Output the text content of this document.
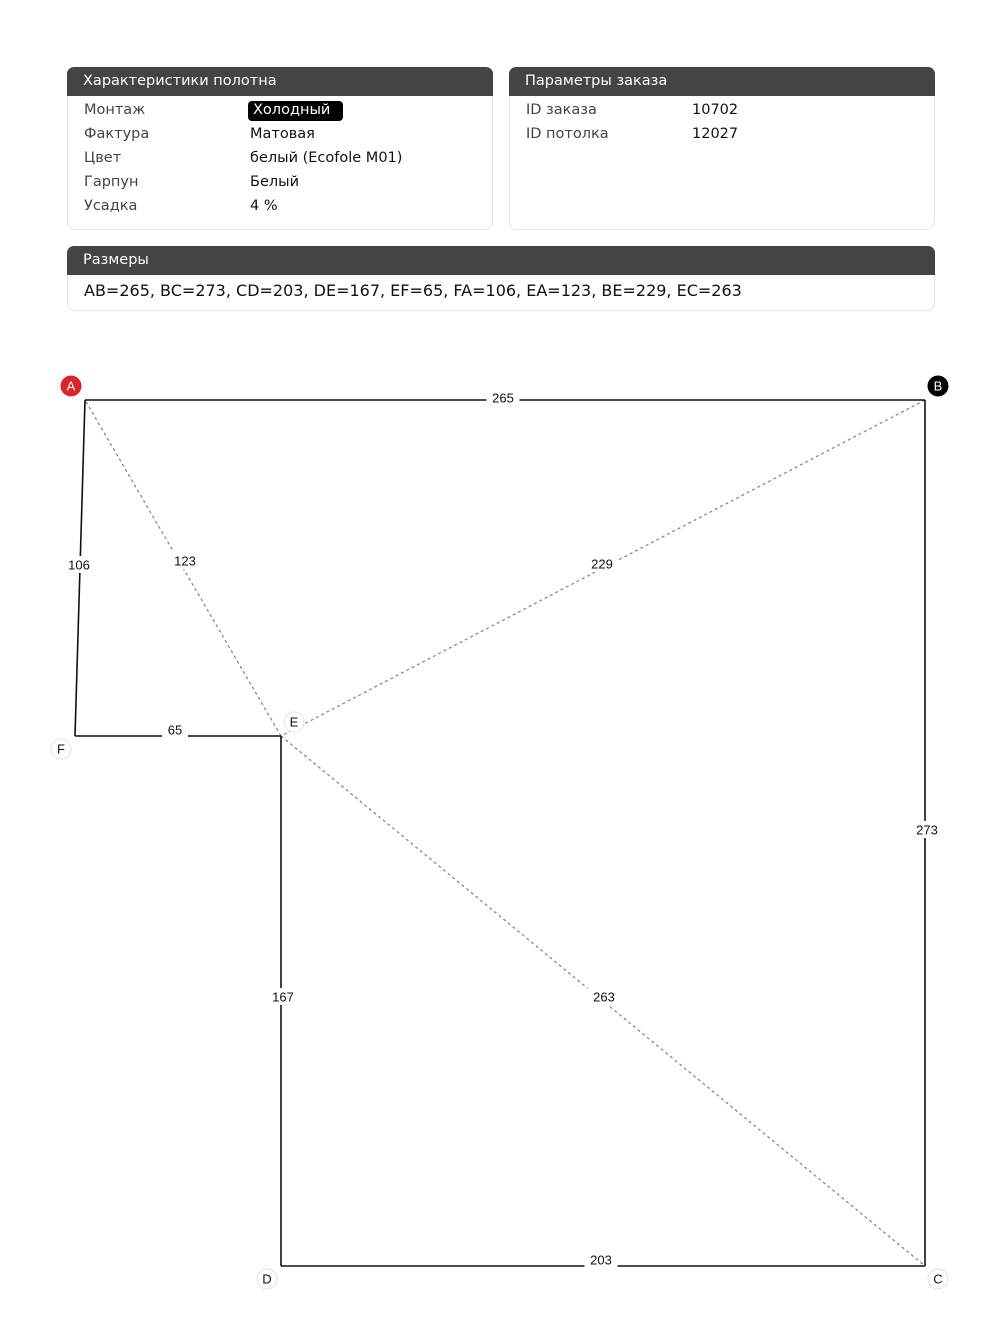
Характеристики полотна
Монтаж	Холодный
Фактура	Матовая
Цвет	белый (Ecofole M01)
Гарпун	Белый
Усадка	4 %
Параметры заказа
ID заказа	10702
ID потолка	12027
Размеры
AB=265, BC=273, CD=203, DE=167, EF=65, FA=106, EA=123, BE=229, EC=263
123	229
263
265
273
203
167
65
106
A	B
C
D
E
F
